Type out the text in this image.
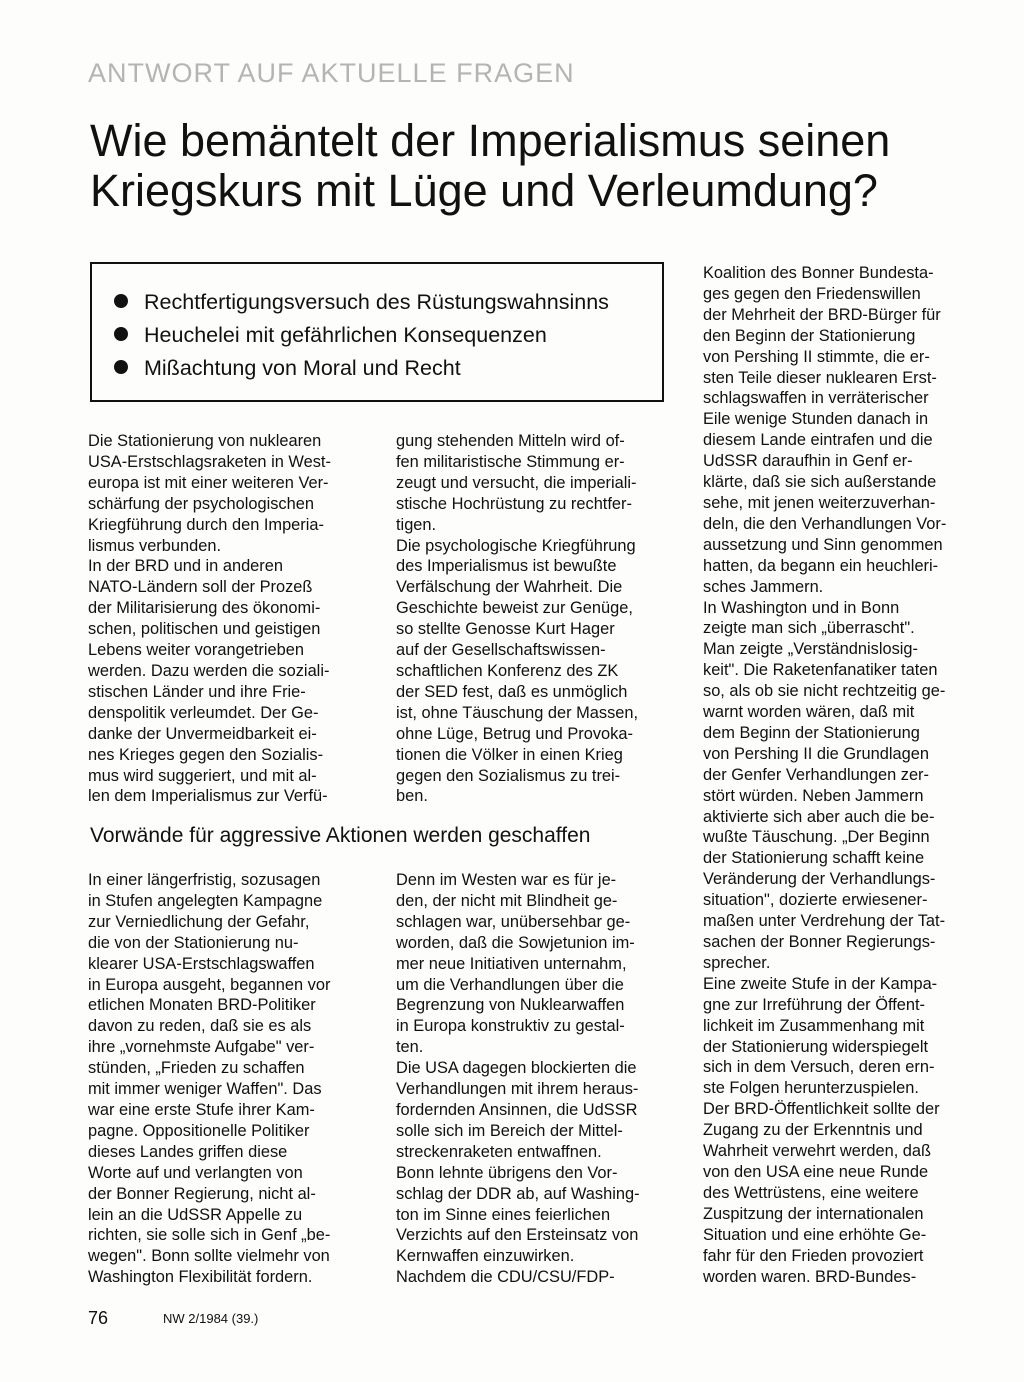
ANTWORT AUF AKTUELLE FRAGEN
Wie bemäntelt der Imperialismus seinen
Kriegskurs mit Lüge und Verleumdung?
Rechtfertigungsversuch des Rüstungswahnsinns
Heuchelei mit gefährlichen Konsequenzen
Mißachtung von Moral und Recht

Die Stationierung von nuklearen
USA-Erstschlagsraketen in West-
europa ist mit einer weiteren Ver-
schärfung der psychologischen
Kriegführung durch den Imperia-
lismus verbunden.

In der BRD und in anderen
NATO-Ländern soll der Prozeß
der Militarisierung des ökonomi-
schen, politischen und geistigen
Lebens weiter vorangetrieben
werden. Dazu werden die soziali-
stischen Länder und ihre Frie-
denspolitik verleumdet. Der Ge-
danke der Unvermeidbarkeit ei-
nes Krieges gegen den Sozialis-
mus wird suggeriert, und mit al-
len dem Imperialismus zur Verfü-

gung stehenden Mitteln wird of-
fen militaristische Stimmung er-
zeugt und versucht, die imperiali-
stische Hochrüstung zu rechtfer-
tigen.

Die psychologische Kriegführung
des Imperialismus ist bewußte
Verfälschung der Wahrheit. Die
Geschichte beweist zur Genüge,
so stellte Genosse Kurt Hager
auf der Gesellschaftswissen-
schaftlichen Konferenz des ZK
der SED fest, daß es unmöglich
ist, ohne Täuschung der Massen,
ohne Lüge, Betrug und Provoka-
tionen die Völker in einen Krieg
gegen den Sozialismus zu trei-
ben.

Koalition des Bonner Bundesta-
ges gegen den Friedenswillen
der Mehrheit der BRD-Bürger für
den Beginn der Stationierung
von Pershing II stimmte, die er-
sten Teile dieser nuklearen Erst-
schlagswaffen in verräterischer
Eile wenige Stunden danach in
diesem Lande eintrafen und die
UdSSR daraufhin in Genf er-
klärte, daß sie sich außerstande
sehe, mit jenen weiterzuverhan-
deln, die den Verhandlungen Vor-
aussetzung und Sinn genommen
hatten, da begann ein heuchleri-
sches Jammern.

In Washington und in Bonn
zeigte man sich „überrascht".
Man zeigte „Verständnislosig-
keit". Die Raketenfanatiker taten
so, als ob sie nicht rechtzeitig ge-
warnt worden wären, daß mit
dem Beginn der Stationierung
von Pershing II die Grundlagen
der Genfer Verhandlungen zer-
stört würden. Neben Jammern
aktivierte sich aber auch die be-
wußte Täuschung. „Der Beginn
der Stationierung schafft keine
Veränderung der Verhandlungs-
situation", dozierte erwiesener-
maßen unter Verdrehung der Tat-
sachen der Bonner Regierungs-
sprecher.

Eine zweite Stufe in der Kampa-
gne zur Irreführung der Öffent-
lichkeit im Zusammenhang mit
der Stationierung widerspiegelt
sich in dem Versuch, deren ern-
ste Folgen herunterzuspielen.
Der BRD-Öffentlichkeit sollte der
Zugang zu der Erkenntnis und
Wahrheit verwehrt werden, daß
von den USA eine neue Runde
des Wettrüstens, eine weitere
Zuspitzung der internationalen
Situation und eine erhöhte Ge-
fahr für den Frieden provoziert
worden waren. BRD-Bundes-

Vorwände für aggressive Aktionen werden geschaffen

In einer längerfristig, sozusagen
in Stufen angelegten Kampagne
zur Verniedlichung der Gefahr,
die von der Stationierung nu-
klearer USA-Erstschlagswaffen
in Europa ausgeht, begannen vor
etlichen Monaten BRD-Politiker
davon zu reden, daß sie es als
ihre „vornehmste Aufgabe" ver-
stünden, „Frieden zu schaffen
mit immer weniger Waffen". Das
war eine erste Stufe ihrer Kam-
pagne. Oppositionelle Politiker
dieses Landes griffen diese
Worte auf und verlangten von
der Bonner Regierung, nicht al-
lein an die UdSSR Appelle zu
richten, sie solle sich in Genf „be-
wegen". Bonn sollte vielmehr von
Washington Flexibilität fordern.

Denn im Westen war es für je-
den, der nicht mit Blindheit ge-
schlagen war, unübersehbar ge-
worden, daß die Sowjetunion im-
mer neue Initiativen unternahm,
um die Verhandlungen über die
Begrenzung von Nuklearwaffen
in Europa konstruktiv zu gestal-
ten.

Die USA dagegen blockierten die
Verhandlungen mit ihrem heraus-
fordernden Ansinnen, die UdSSR
solle sich im Bereich der Mittel-
streckenraketen entwaffnen.
Bonn lehnte übrigens den Vor-
schlag der DDR ab, auf Washing-
ton im Sinne eines feierlichen
Verzichts auf den Ersteinsatz von
Kernwaffen einzuwirken.

Nachdem die CDU/CSU/FDP-

76	NW 2/1984 (39.)
